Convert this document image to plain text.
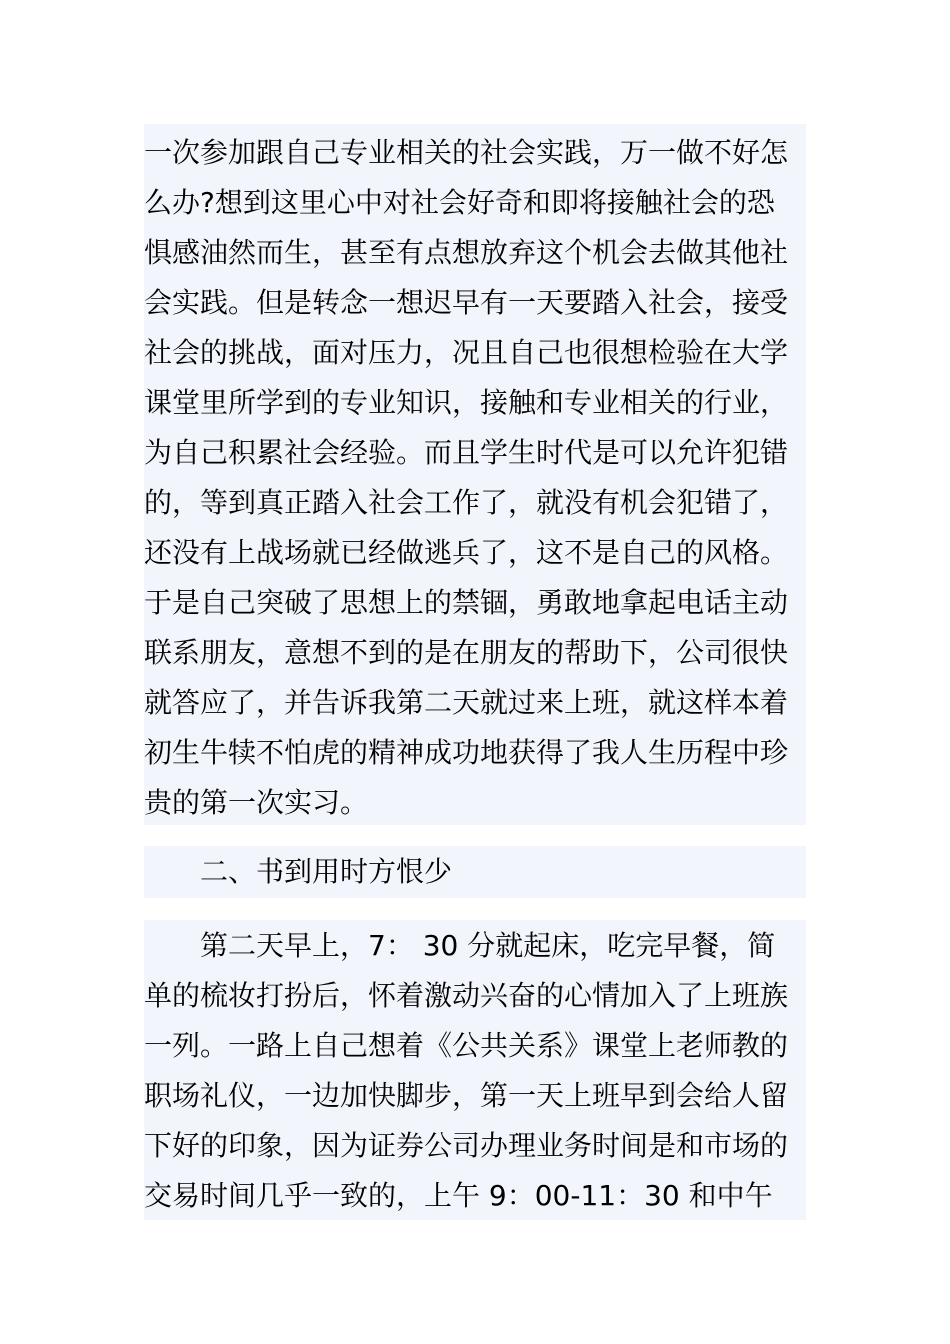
一次参加跟自己专业相关的社会实践，万一做不好怎
么办?想到这里心中对社会好奇和即将接触社会的恐
惧感油然而生，甚至有点想放弃这个机会去做其他社
会实践。但是转念一想迟早有一天要踏入社会，接受
社会的挑战，面对压力，况且自己也很想检验在大学
课堂里所学到的专业知识，接触和专业相关的行业，
为自己积累社会经验。而且学生时代是可以允许犯错
的，等到真正踏入社会工作了，就没有机会犯错了，
还没有上战场就已经做逃兵了，这不是自己的风格。
于是自己突破了思想上的禁锢，勇敢地拿起电话主动
联系朋友，意想不到的是在朋友的帮助下，公司很快
就答应了，并告诉我第二天就过来上班，就这样本着
初生牛犊不怕虎的精神成功地获得了我人生历程中珍
贵的第一次实习。
二、书到用时方恨少
第二天早上，7： 30 分就起床，吃完早餐，简
单的梳妆打扮后，怀着激动兴奋的心情加入了上班族
一列。一路上自己想着《公共关系》课堂上老师教的
职场礼仪，一边加快脚步，第一天上班早到会给人留
下好的印象，因为证券公司办理业务时间是和市场的
交易时间几乎一致的，上午 9：00-11：30 和中午
